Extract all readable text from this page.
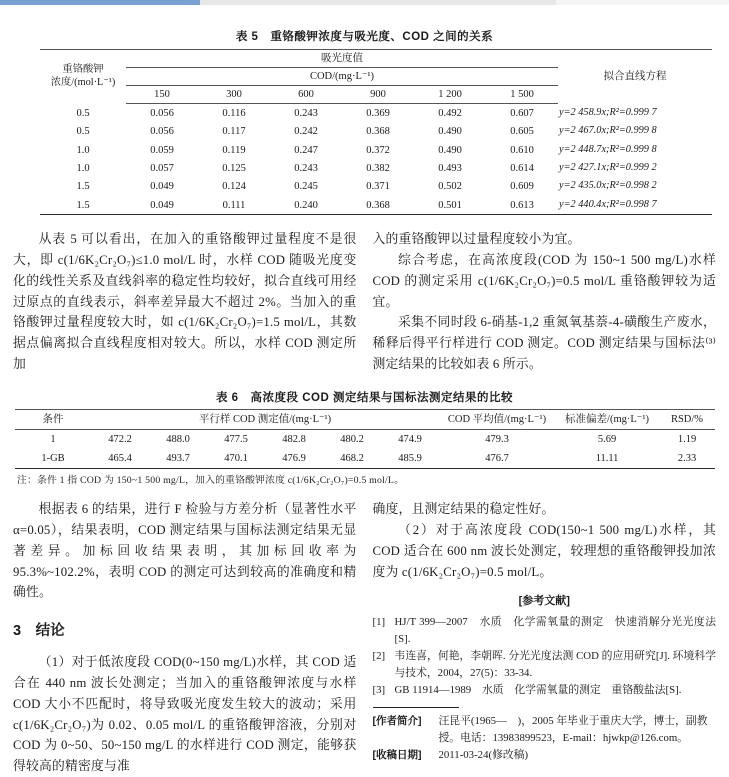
表 5　重铬酸钾浓度与吸光度、COD 之间的关系
重铬酸钾
浓度/(mol·L⁻¹)	吸光度值						拟合直线方程
	COD/(mg·L⁻¹)						
	150	300	600	900	1 200	1 500	
0.5	0.056	0.116	0.243	0.369	0.492	0.607	y=2 458.9x;R²=0.999 7
0.5	0.056	0.117	0.242	0.368	0.490	0.605	y=2 467.0x;R²=0.999 8
1.0	0.059	0.119	0.247	0.372	0.490	0.610	y=2 448.7x;R²=0.999 8
1.0	0.057	0.125	0.243	0.382	0.493	0.614	y=2 427.1x;R²=0.999 2
1.5	0.049	0.124	0.245	0.371	0.502	0.609	y=2 435.0x;R²=0.998 2
1.5	0.049	0.111	0.240	0.368	0.501	0.613	y=2 440.4x;R²=0.998 7

从表 5 可以看出，在加入的重铬酸钾过量程度不是很大，即 c(1/6K₂Cr₂O₇)≤1.0 mol/L 时，水样 COD 随吸光度变化的线性关系及直线斜率的稳定性均较好，拟合直线可用经过原点的直线表示，斜率差异最大不超过 2%。当加入的重铬酸钾过量程度较大时，如 c(1/6K₂Cr₂O₇)=1.5 mol/L，其数据点偏离拟合直线程度相对较大。所以，水样 COD 测定所加

入的重铬酸钾以过量程度较小为宜。

综合考虑，在高浓度段(COD 为 150~1 500 mg/L)水样 COD 的测定采用 c(1/6K₂Cr₂O₇)=0.5 mol/L 重铬酸钾较为适宜。

采集不同时段 6-硝基-1,2 重氮氧基萘-4-磺酸生产废水，稀释后得平行样进行 COD 测定。COD 测定结果与国标法⁽³⁾测定结果的比较如表 6 所示。

表 6　高浓度段 COD 测定结果与国标法测定结果的比较
条件	平行样 COD 测定值/(mg·L⁻¹)						COD 平均值/(mg·L⁻¹)	标准偏差/(mg·L⁻¹)	RSD/%
1	472.2	488.0	477.5	482.8	480.2	474.9	479.3	5.69	1.19
1-GB	465.4	493.7	470.1	476.9	468.2	485.9	476.7	11.11	2.33
注：条件 1 指 COD 为 150~1 500 mg/L，加入的重铬酸钾浓度 c(1/6K₂Cr₂O₇)=0.5 mol/L。

根据表 6 的结果，进行 F 检验与方差分析（显著性水平 α=0.05），结果表明，COD 测定结果与国标法测定结果无显著差异。加标回收结果表明，其加标回收率为 95.3%~102.2%，表明 COD 的测定可达到较高的准确度和精确性。

3　结论

（1）对于低浓度段 COD(0~150 mg/L)水样，其 COD 适合在 440 nm 波长处测定；当加入的重铬酸钾浓度与水样 COD 大小不匹配时，将导致吸光度发生较大的波动；采用 c(1/6K₂Cr₂O₇)为 0.02、0.05 mol/L 的重铬酸钾溶液，分别对 COD 为 0~50、50~150 mg/L 的水样进行 COD 测定，能够获得较高的精密度与准

确度，且测定结果的稳定性好。

（2）对于高浓度段 COD(150~1 500 mg/L)水样，其 COD 适合在 600 nm 波长处测定，较理想的重铬酸钾投加浓度为 c(1/6K₂Cr₂O₇)=0.5 mol/L。

[参考文献]
[1] HJ/T 399—2007　水质　化学需氧量的测定　快速消解分光光度法[S].
[2] 韦连喜，何艳，李朝晖. 分光光度法测 COD 的应用研究[J]. 环境科学与技术，2004，27(5)：33-34.
[3] GB 11914—1989　水质　化学需氧量的测定　重铬酸盐法[S].
[作者简介]	汪昆平(1965—　)，2005 年毕业于重庆大学，博士，副教授。电话：13983899523，E-mail：hjwkp@126.com。
[收稿日期]	2011-03-24(修改稿)
